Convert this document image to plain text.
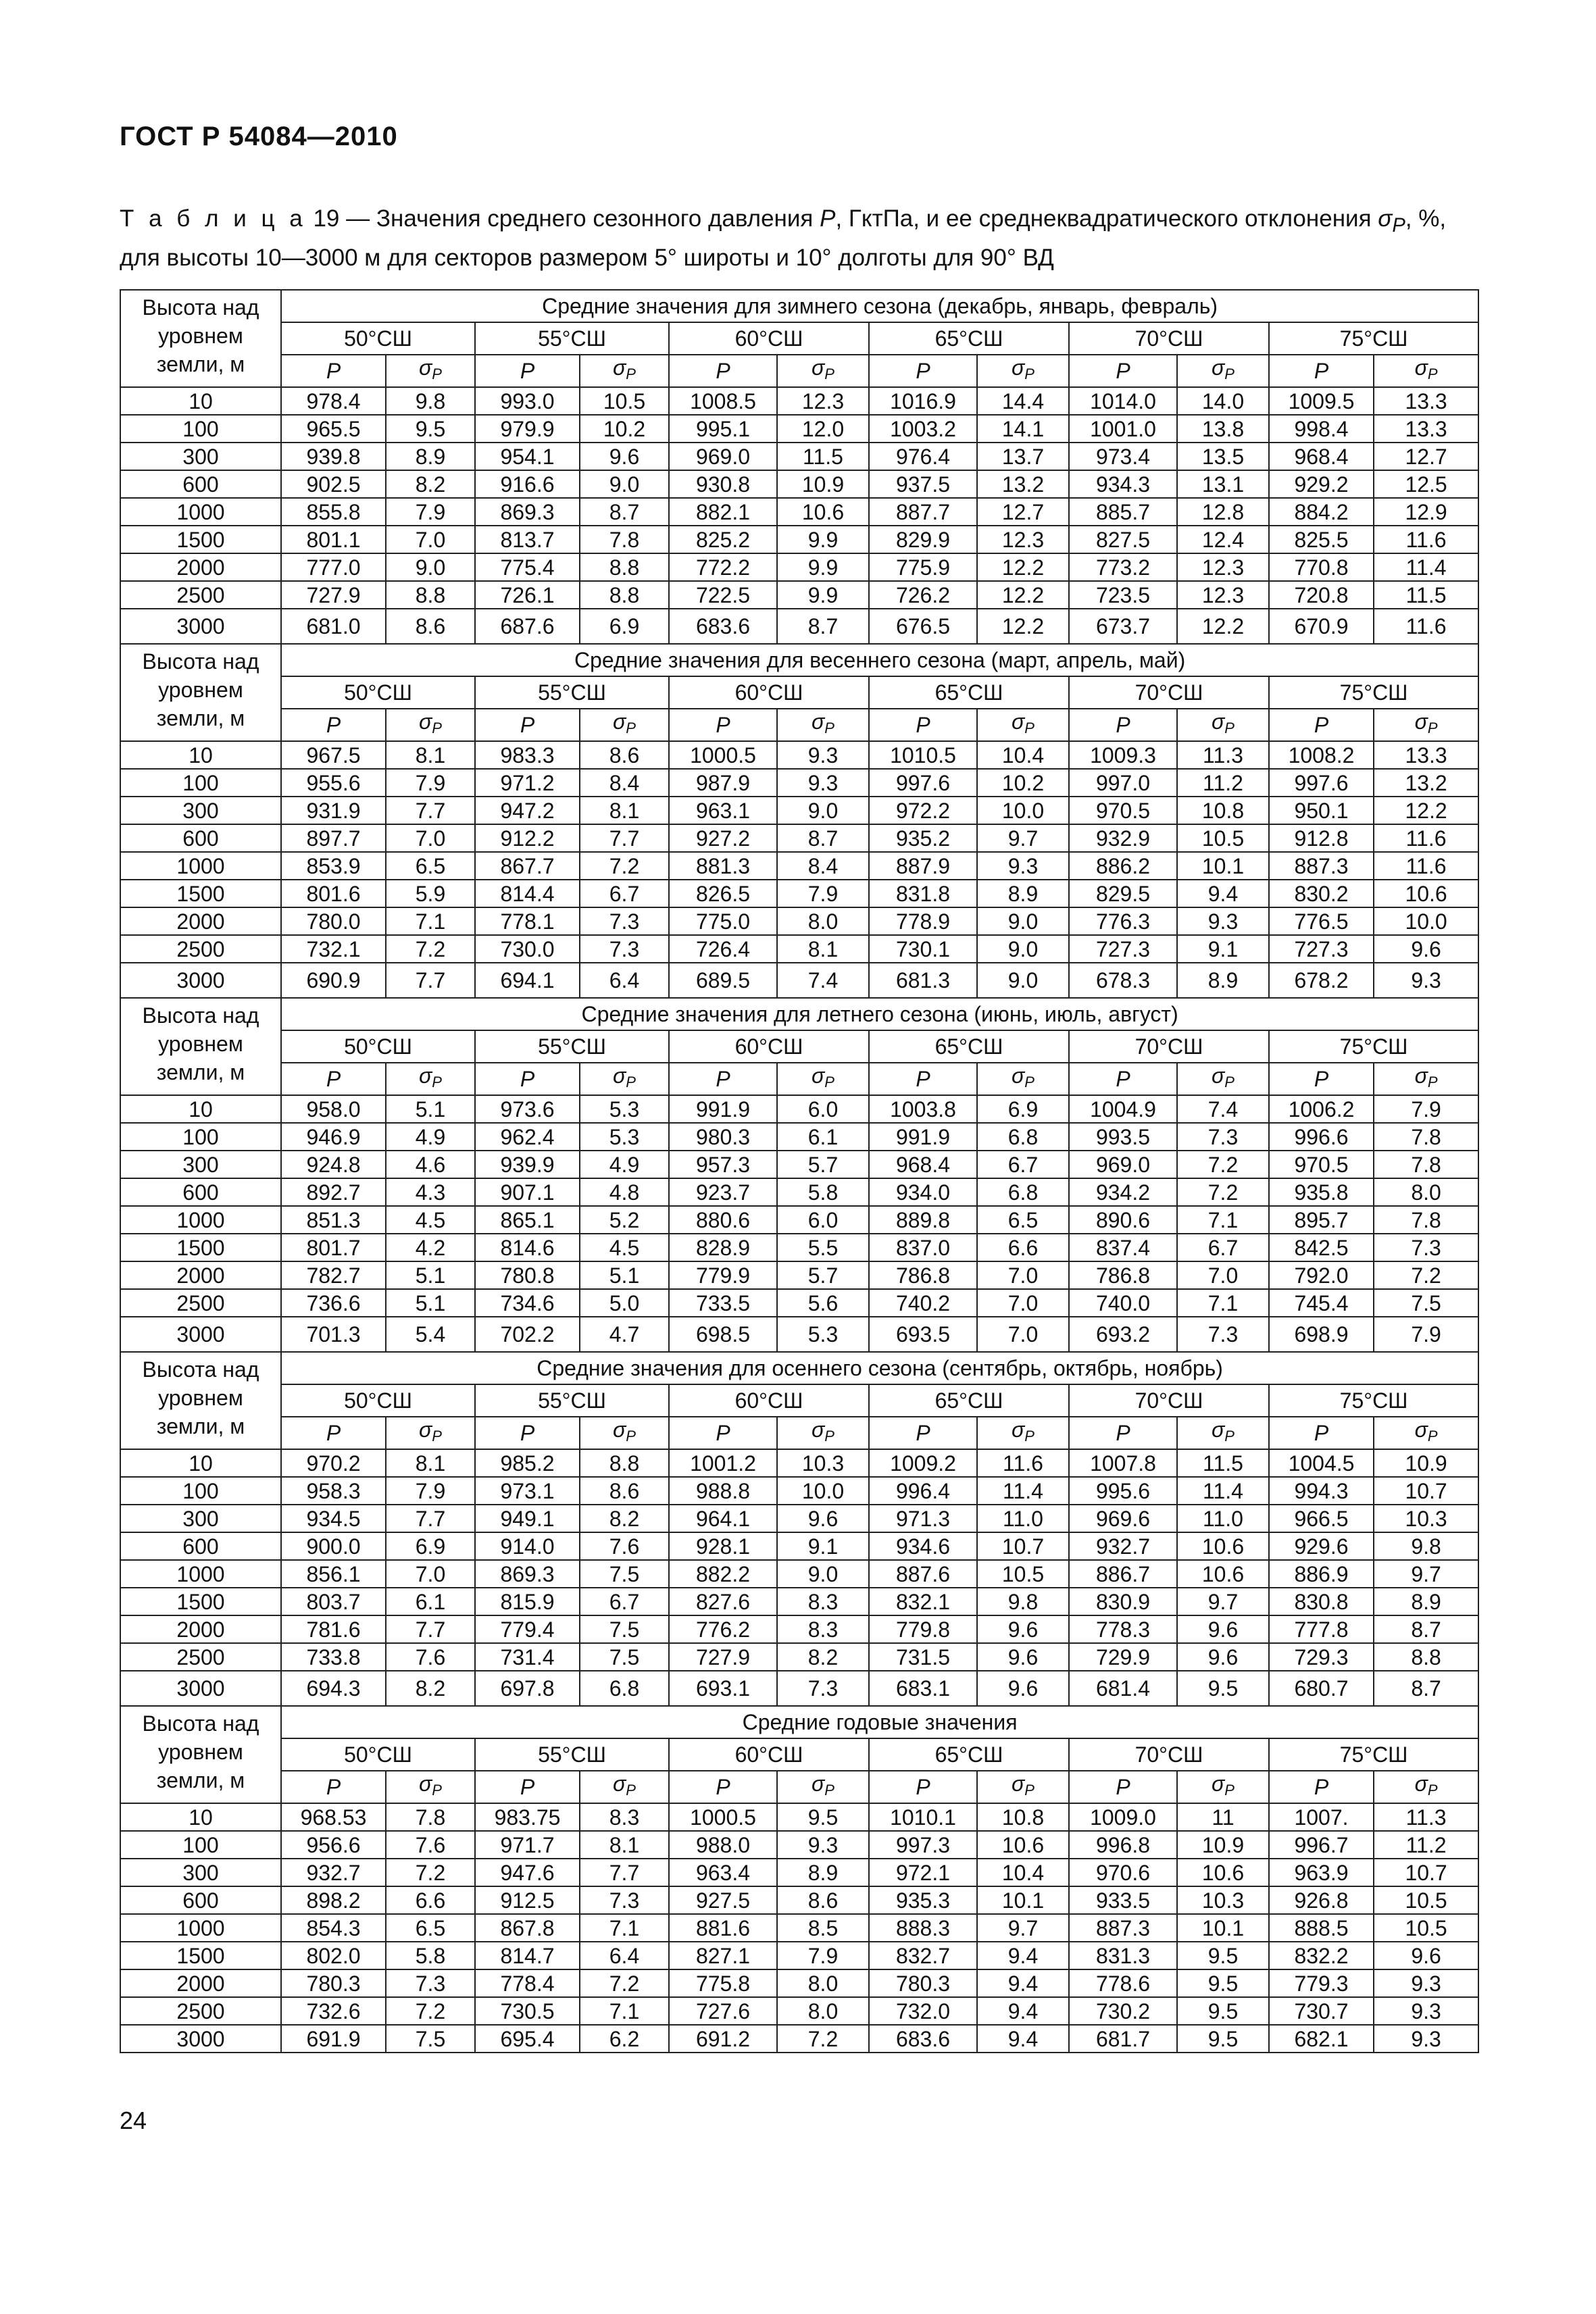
ГОСТ Р 54084—2010
Т а б л и ц а 19 — Значения среднего сезонного давления P, ГктПа, и ее среднеквадратического отклонения $\sigma_P$, %,
для высоты 10—3000 м для секторов размером 5° широты и 10° долготы для 90° ВД
Высота над уровнем земли, м	Средние значения для зимнего сезона (декабрь, январь, февраль)											
	50°СШ		55°СШ		60°СШ		65°СШ		70°СШ		75°СШ	
	P	$\sigma_P$	P	$\sigma_P$	P	$\sigma_P$	P	$\sigma_P$	P	$\sigma_P$	P	$\sigma_P$
10	978.4	9.8	993.0	10.5	1008.5	12.3	1016.9	14.4	1014.0	14.0	1009.5	13.3
100	965.5	9.5	979.9	10.2	995.1	12.0	1003.2	14.1	1001.0	13.8	998.4	13.3
300	939.8	8.9	954.1	9.6	969.0	11.5	976.4	13.7	973.4	13.5	968.4	12.7
600	902.5	8.2	916.6	9.0	930.8	10.9	937.5	13.2	934.3	13.1	929.2	12.5
1000	855.8	7.9	869.3	8.7	882.1	10.6	887.7	12.7	885.7	12.8	884.2	12.9
1500	801.1	7.0	813.7	7.8	825.2	9.9	829.9	12.3	827.5	12.4	825.5	11.6
2000	777.0	9.0	775.4	8.8	772.2	9.9	775.9	12.2	773.2	12.3	770.8	11.4
2500	727.9	8.8	726.1	8.8	722.5	9.9	726.2	12.2	723.5	12.3	720.8	11.5
3000	681.0	8.6	687.6	6.9	683.6	8.7	676.5	12.2	673.7	12.2	670.9	11.6
Высота над уровнем земли, м	Средние значения для весеннего сезона (март, апрель, май)											
	50°СШ		55°СШ		60°СШ		65°СШ		70°СШ		75°СШ	
	P	$\sigma_P$	P	$\sigma_P$	P	$\sigma_P$	P	$\sigma_P$	P	$\sigma_P$	P	$\sigma_P$
10	967.5	8.1	983.3	8.6	1000.5	9.3	1010.5	10.4	1009.3	11.3	1008.2	13.3
100	955.6	7.9	971.2	8.4	987.9	9.3	997.6	10.2	997.0	11.2	997.6	13.2
300	931.9	7.7	947.2	8.1	963.1	9.0	972.2	10.0	970.5	10.8	950.1	12.2
600	897.7	7.0	912.2	7.7	927.2	8.7	935.2	9.7	932.9	10.5	912.8	11.6
1000	853.9	6.5	867.7	7.2	881.3	8.4	887.9	9.3	886.2	10.1	887.3	11.6
1500	801.6	5.9	814.4	6.7	826.5	7.9	831.8	8.9	829.5	9.4	830.2	10.6
2000	780.0	7.1	778.1	7.3	775.0	8.0	778.9	9.0	776.3	9.3	776.5	10.0
2500	732.1	7.2	730.0	7.3	726.4	8.1	730.1	9.0	727.3	9.1	727.3	9.6
3000	690.9	7.7	694.1	6.4	689.5	7.4	681.3	9.0	678.3	8.9	678.2	9.3
Высота над уровнем земли, м	Средние значения для летнего сезона (июнь, июль, август)											
	50°СШ		55°СШ		60°СШ		65°СШ		70°СШ		75°СШ	
	P	$\sigma_P$	P	$\sigma_P$	P	$\sigma_P$	P	$\sigma_P$	P	$\sigma_P$	P	$\sigma_P$
10	958.0	5.1	973.6	5.3	991.9	6.0	1003.8	6.9	1004.9	7.4	1006.2	7.9
100	946.9	4.9	962.4	5.3	980.3	6.1	991.9	6.8	993.5	7.3	996.6	7.8
300	924.8	4.6	939.9	4.9	957.3	5.7	968.4	6.7	969.0	7.2	970.5	7.8
600	892.7	4.3	907.1	4.8	923.7	5.8	934.0	6.8	934.2	7.2	935.8	8.0
1000	851.3	4.5	865.1	5.2	880.6	6.0	889.8	6.5	890.6	7.1	895.7	7.8
1500	801.7	4.2	814.6	4.5	828.9	5.5	837.0	6.6	837.4	6.7	842.5	7.3
2000	782.7	5.1	780.8	5.1	779.9	5.7	786.8	7.0	786.8	7.0	792.0	7.2
2500	736.6	5.1	734.6	5.0	733.5	5.6	740.2	7.0	740.0	7.1	745.4	7.5
3000	701.3	5.4	702.2	4.7	698.5	5.3	693.5	7.0	693.2	7.3	698.9	7.9
Высота над уровнем земли, м	Средние значения для осеннего сезона (сентябрь, октябрь, ноябрь)											
	50°СШ		55°СШ		60°СШ		65°СШ		70°СШ		75°СШ	
	P	$\sigma_P$	P	$\sigma_P$	P	$\sigma_P$	P	$\sigma_P$	P	$\sigma_P$	P	$\sigma_P$
10	970.2	8.1	985.2	8.8	1001.2	10.3	1009.2	11.6	1007.8	11.5	1004.5	10.9
100	958.3	7.9	973.1	8.6	988.8	10.0	996.4	11.4	995.6	11.4	994.3	10.7
300	934.5	7.7	949.1	8.2	964.1	9.6	971.3	11.0	969.6	11.0	966.5	10.3
600	900.0	6.9	914.0	7.6	928.1	9.1	934.6	10.7	932.7	10.6	929.6	9.8
1000	856.1	7.0	869.3	7.5	882.2	9.0	887.6	10.5	886.7	10.6	886.9	9.7
1500	803.7	6.1	815.9	6.7	827.6	8.3	832.1	9.8	830.9	9.7	830.8	8.9
2000	781.6	7.7	779.4	7.5	776.2	8.3	779.8	9.6	778.3	9.6	777.8	8.7
2500	733.8	7.6	731.4	7.5	727.9	8.2	731.5	9.6	729.9	9.6	729.3	8.8
3000	694.3	8.2	697.8	6.8	693.1	7.3	683.1	9.6	681.4	9.5	680.7	8.7
Высота над уровнем земли, м	Средние годовые значения											
	50°СШ		55°СШ		60°СШ		65°СШ		70°СШ		75°СШ	
	P	$\sigma_P$	P	$\sigma_P$	P	$\sigma_P$	P	$\sigma_P$	P	$\sigma_P$	P	$\sigma_P$
10	968.53	7.8	983.75	8.3	1000.5	9.5	1010.1	10.8	1009.0	11	1007.	11.3
100	956.6	7.6	971.7	8.1	988.0	9.3	997.3	10.6	996.8	10.9	996.7	11.2
300	932.7	7.2	947.6	7.7	963.4	8.9	972.1	10.4	970.6	10.6	963.9	10.7
600	898.2	6.6	912.5	7.3	927.5	8.6	935.3	10.1	933.5	10.3	926.8	10.5
1000	854.3	6.5	867.8	7.1	881.6	8.5	888.3	9.7	887.3	10.1	888.5	10.5
1500	802.0	5.8	814.7	6.4	827.1	7.9	832.7	9.4	831.3	9.5	832.2	9.6
2000	780.3	7.3	778.4	7.2	775.8	8.0	780.3	9.4	778.6	9.5	779.3	9.3
2500	732.6	7.2	730.5	7.1	727.6	8.0	732.0	9.4	730.2	9.5	730.7	9.3
3000	691.9	7.5	695.4	6.2	691.2	7.2	683.6	9.4	681.7	9.5	682.1	9.3
24
